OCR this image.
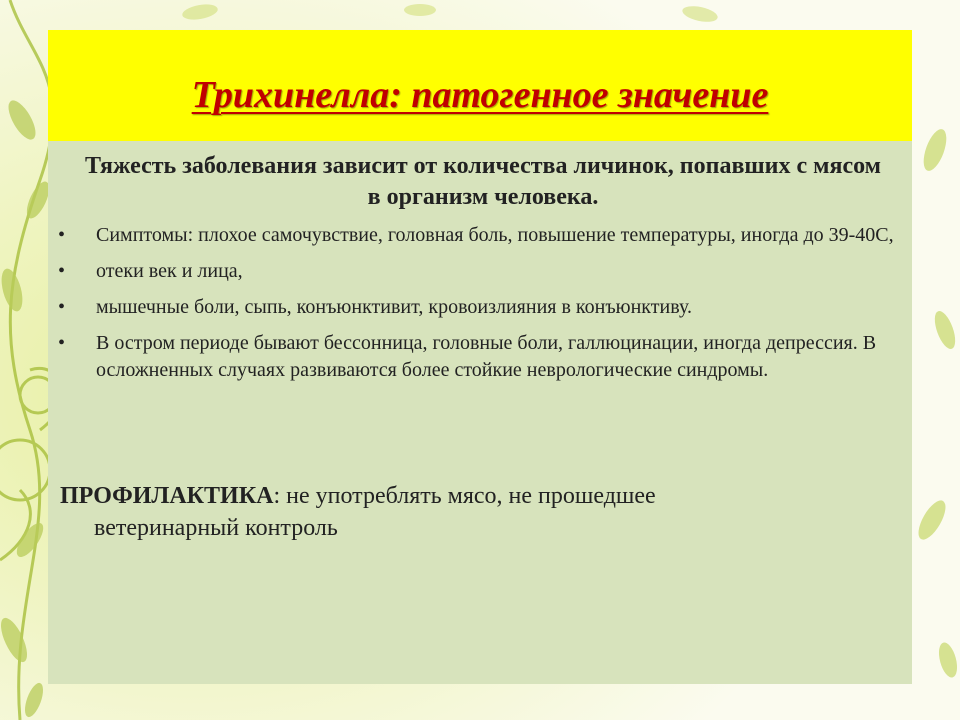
Трихинелла: патогенное значение
Тяжесть заболевания зависит от количества личинок, попавших с мясом в организм человека.
• Симптомы: плохое самочувствие, головная боль, повышение температуры, иногда до 39-40С,
• отеки век и лица,
• мышечные боли, сыпь, конъюнктивит, кровоизлияния в конъюнктиву.
• В остром периоде бывают бессонница, головные боли, галлюцинации, иногда депрессия. В осложненных случаях развиваются более стойкие неврологические синдромы.
ПРОФИЛАКТИКА: не употреблять мясо, не прошедшее
ветеринарный контроль
